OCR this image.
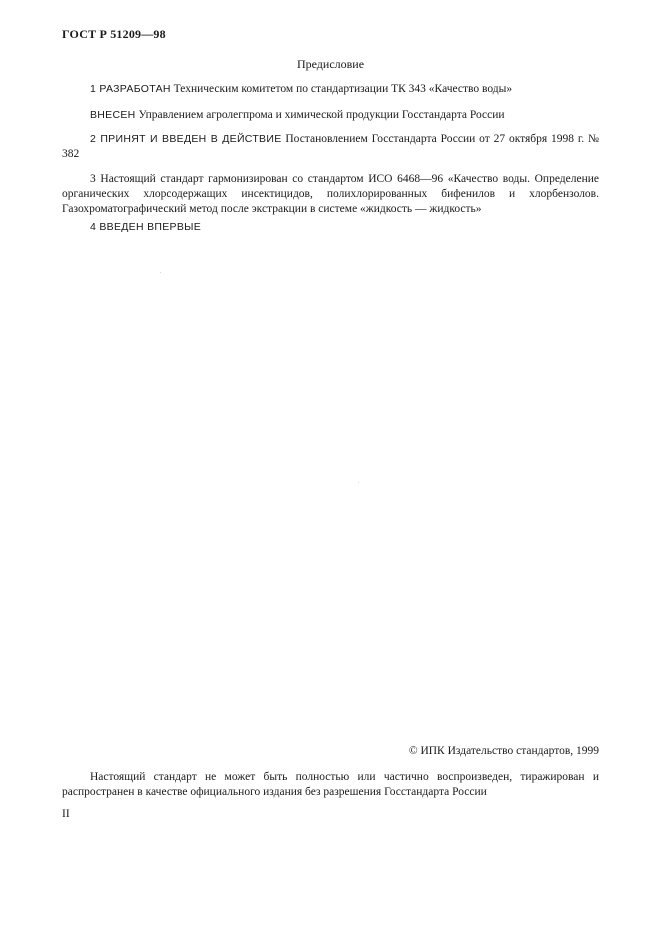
ГОСТ Р 51209—98
Предисловие

1 РАЗРАБОТАН Техническим комитетом по стандартизации ТК 343 «Качество воды»

ВНЕСЕН Управлением агролегпрома и химической продукции Госстандарта России

2 ПРИНЯТ И ВВЕДЕН В ДЕЙСТВИЕ Постановлением Госстандарта России от 27 октября 1998 г. № 382

3 Настоящий стандарт гармонизирован со стандартом ИСО 6468—96 «Качество воды. Определение органических хлорсодержащих инсектицидов, полихлорированных бифенилов и хлорбензолов. Газохроматографический метод после экстракции в системе «жидкость — жидкость»

4 ВВЕДЕН ВПЕРВЫЕ

© ИПК Издательство стандартов, 1999

Настоящий стандарт не может быть полностью или частично воспроизведен, тиражирован и распространен в качестве официального издания без разрешения Госстандарта России

II
